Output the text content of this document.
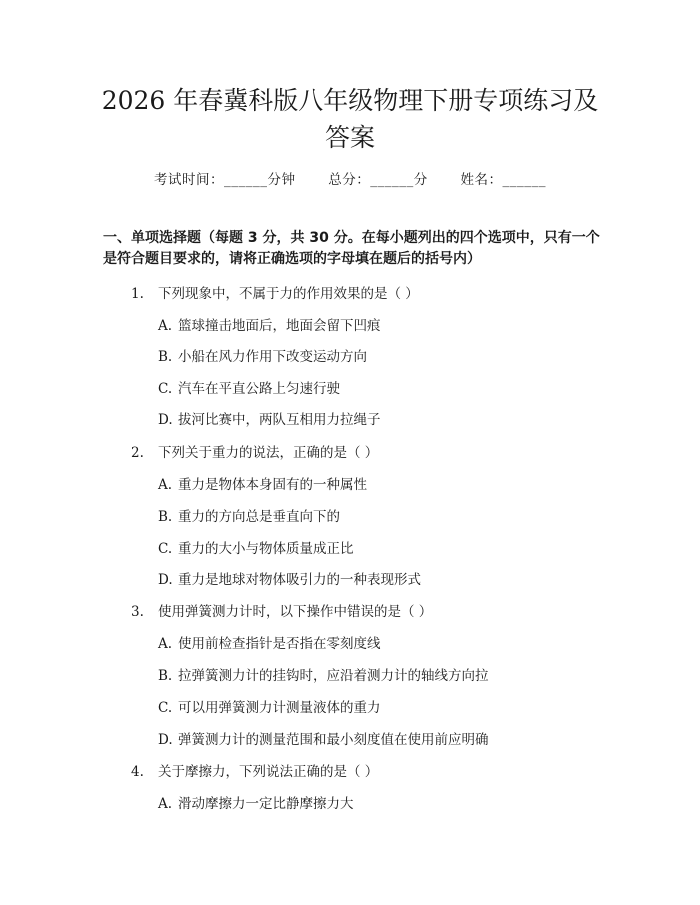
2026 年春冀科版八年级物理下册专项练习及
答案
考试时间：______分钟 总分：______分 姓名：______
一、单项选择题（每题 3 分，共 30 分。在每小题列出的四个选项中，只有一个是符合题目要求的，请将正确选项的字母填在题后的括号内）
1. 下列现象中，不属于力的作用效果的是（ ）
A. 篮球撞击地面后，地面会留下凹痕
B. 小船在风力作用下改变运动方向
C. 汽车在平直公路上匀速行驶
D. 拔河比赛中，两队互相用力拉绳子
2. 下列关于重力的说法，正确的是（ ）
A. 重力是物体本身固有的一种属性
B. 重力的方向总是垂直向下的
C. 重力的大小与物体质量成正比
D. 重力是地球对物体吸引力的一种表现形式
3. 使用弹簧测力计时，以下操作中错误的是（ ）
A. 使用前检查指针是否指在零刻度线
B. 拉弹簧测力计的挂钩时，应沿着测力计的轴线方向拉
C. 可以用弹簧测力计测量液体的重力
D. 弹簧测力计的测量范围和最小刻度值在使用前应明确
4. 关于摩擦力，下列说法正确的是（ ）
A. 滑动摩擦力一定比静摩擦力大
